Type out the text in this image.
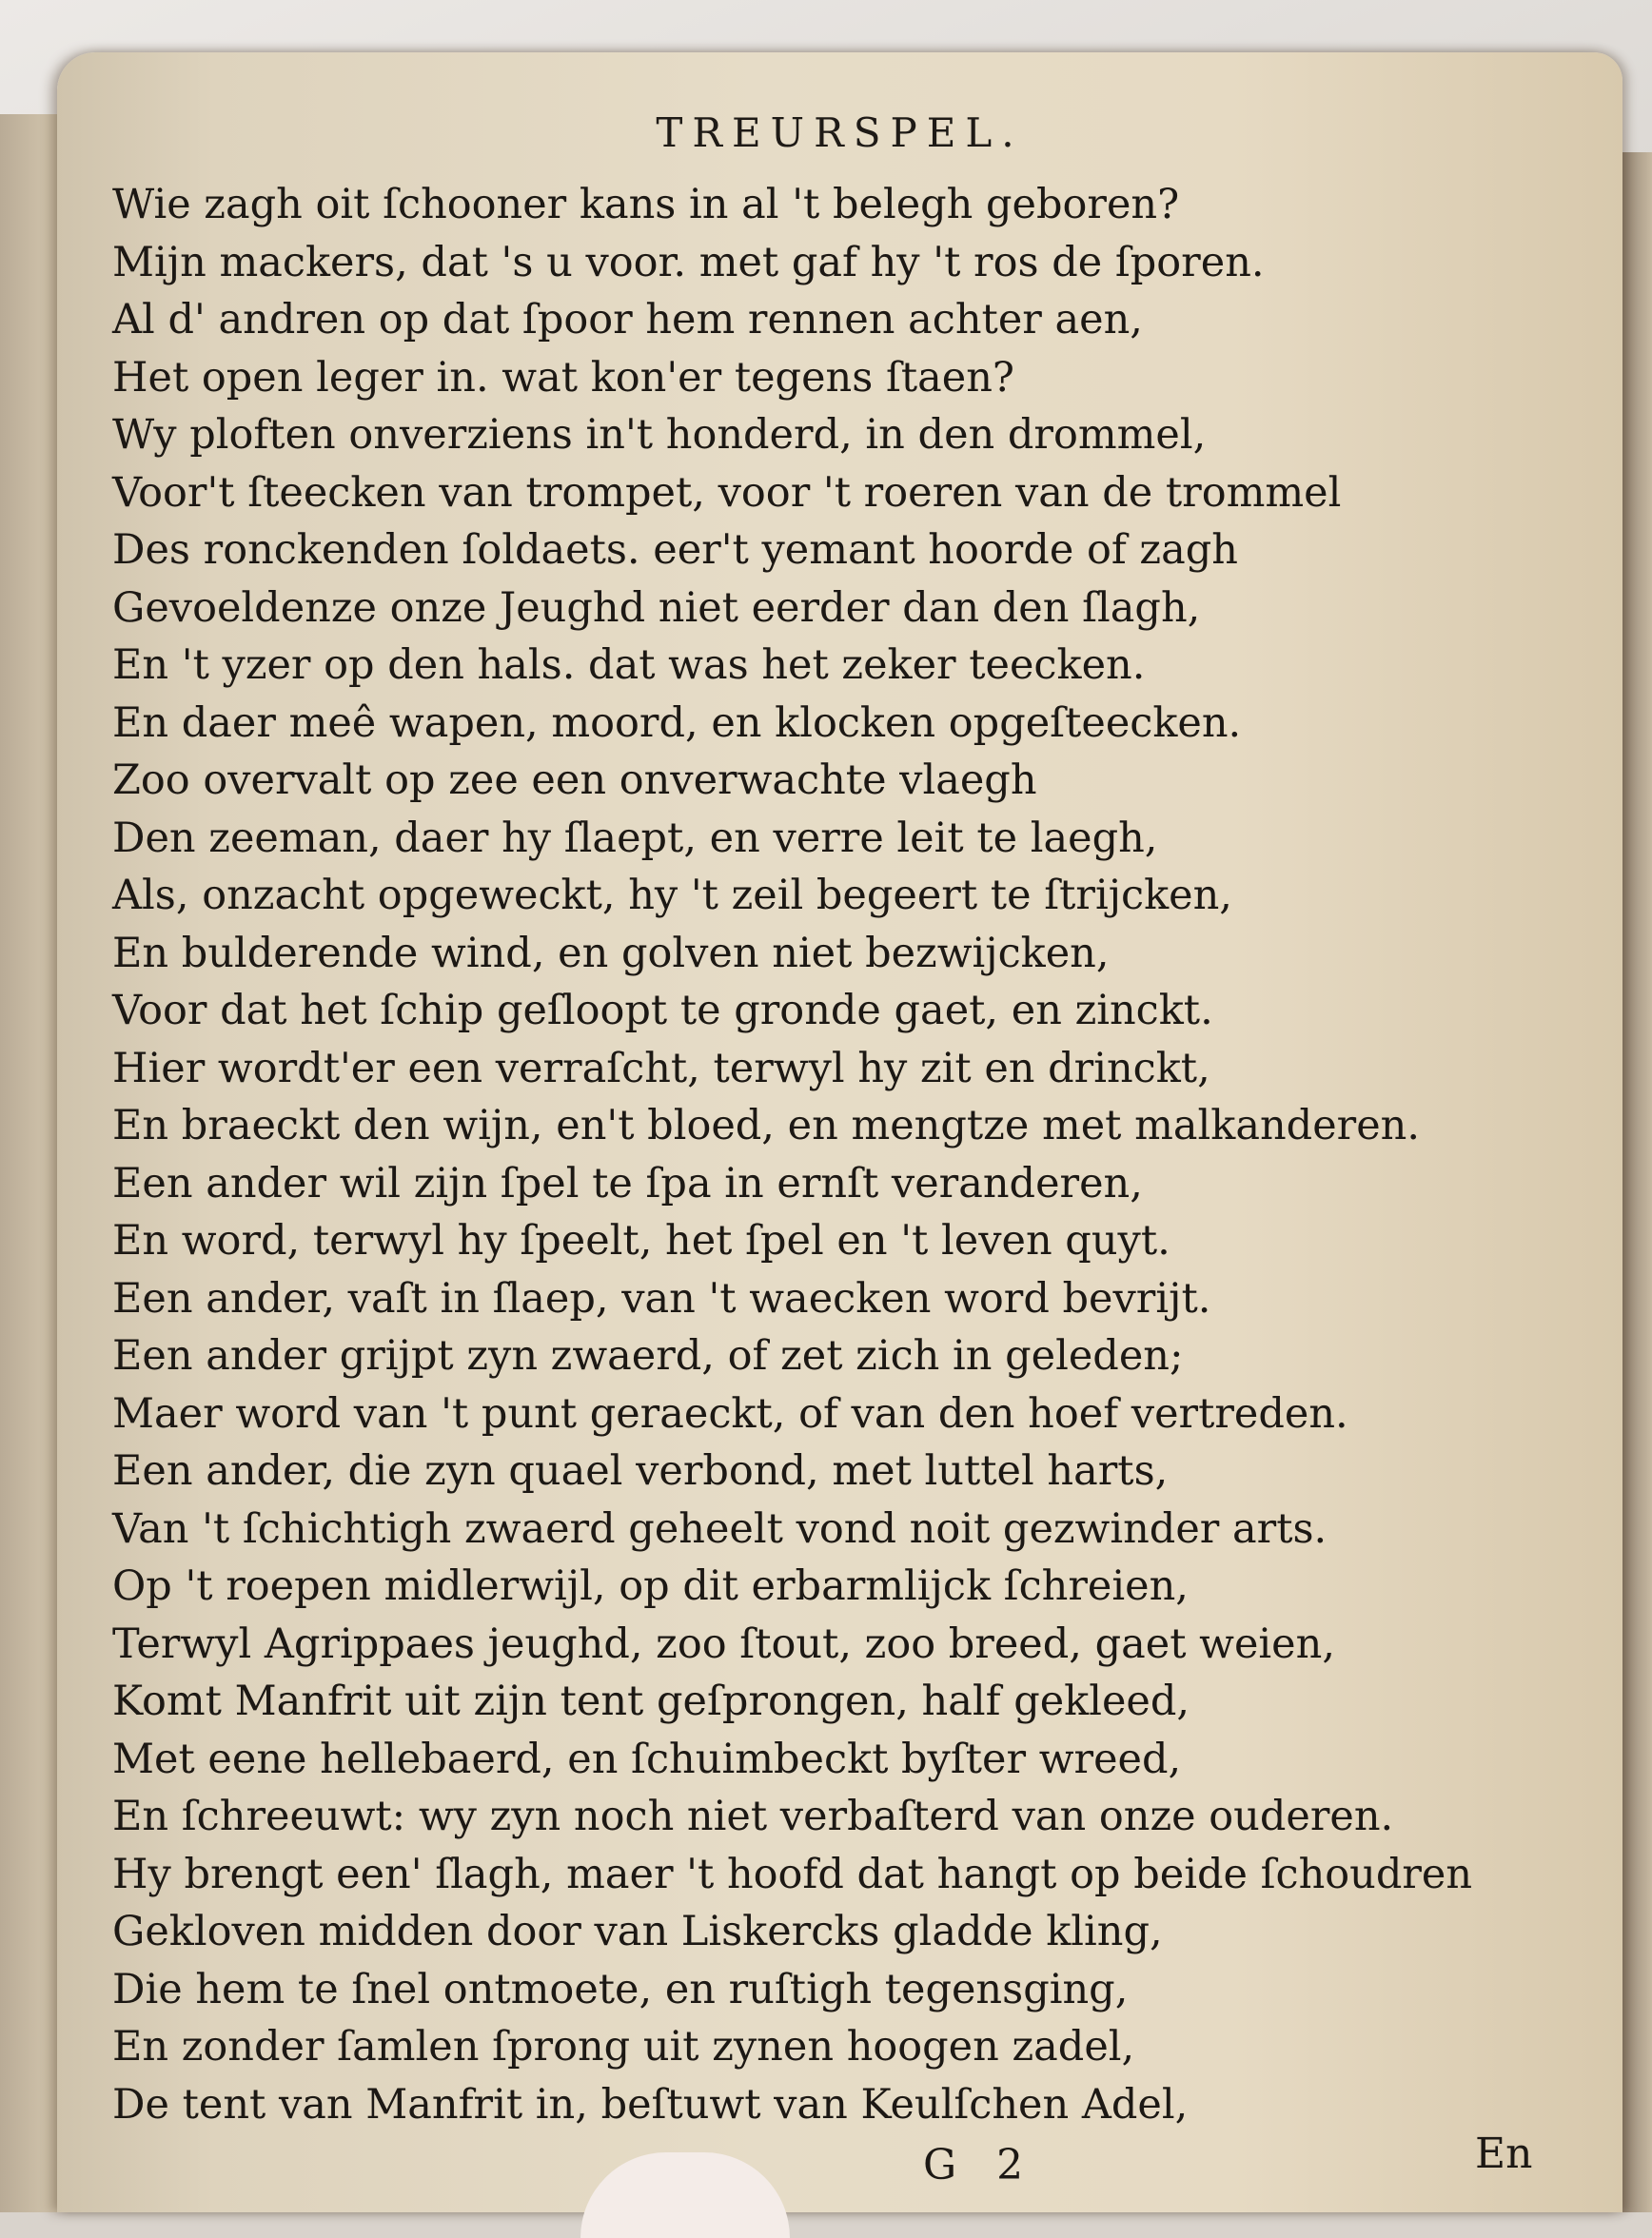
TREURSPEL.
Wie zagh oit ſchooner kans in al 't belegh geboren?
Mijn mackers, dat 's u voor. met gaf hy 't ros de ſporen.
Al d' andren op dat ſpoor hem rennen achter aen,
Het open leger in. wat kon'er tegens ſtaen?
Wy ploften onverziens in't honderd, in den drommel,
Voor't ſteecken van trompet, voor 't roeren van de trommel
Des ronckenden ſoldaets. eer't yemant hoorde of zagh
Gevoeldenze onze Jeughd niet eerder dan den ſlagh,
En 't yzer op den hals. dat was het zeker teecken.
En daer meê wapen, moord, en klocken opgeſteecken.
Zoo overvalt op zee een onverwachte vlaegh
Den zeeman, daer hy ſlaept, en verre leit te laegh,
Als, onzacht opgeweckt, hy 't zeil begeert te ſtrijcken,
En bulderende wind, en golven niet bezwijcken,
Voor dat het ſchip geſloopt te gronde gaet, en zinckt.
Hier wordt'er een verraſcht, terwyl hy zit en drinckt,
En braeckt den wijn, en't bloed, en mengtze met malkanderen.
Een ander wil zijn ſpel te ſpa in ernſt veranderen,
En word, terwyl hy ſpeelt, het ſpel en 't leven quyt.
Een ander, vaſt in ſlaep, van 't waecken word bevrijt.
Een ander grijpt zyn zwaerd, of zet zich in geleden;
Maer word van 't punt geraeckt, of van den hoef vertreden.
Een ander, die zyn quael verbond, met luttel harts,
Van 't ſchichtigh zwaerd geheelt vond noit gezwinder arts.
Op 't roepen midlerwijl, op dit erbarmlijck ſchreien,
Terwyl Agrippaes jeughd, zoo ſtout, zoo breed, gaet weien,
Komt Manfrit uit zijn tent geſprongen, half gekleed,
Met eene hellebaerd, en ſchuimbeckt byſter wreed,
En ſchreeuwt: wy zyn noch niet verbaſterd van onze ouderen.
Hy brengt een' ſlagh, maer 't hoofd dat hangt op beide ſchoudren
Gekloven midden door van Liskercks gladde kling,
Die hem te ſnel ontmoete, en ruſtigh tegensging,
En zonder ſamlen ſprong uit zynen hoogen zadel,
De tent van Manfrit in, beſtuwt van Keulſchen Adel,
G 2	En
